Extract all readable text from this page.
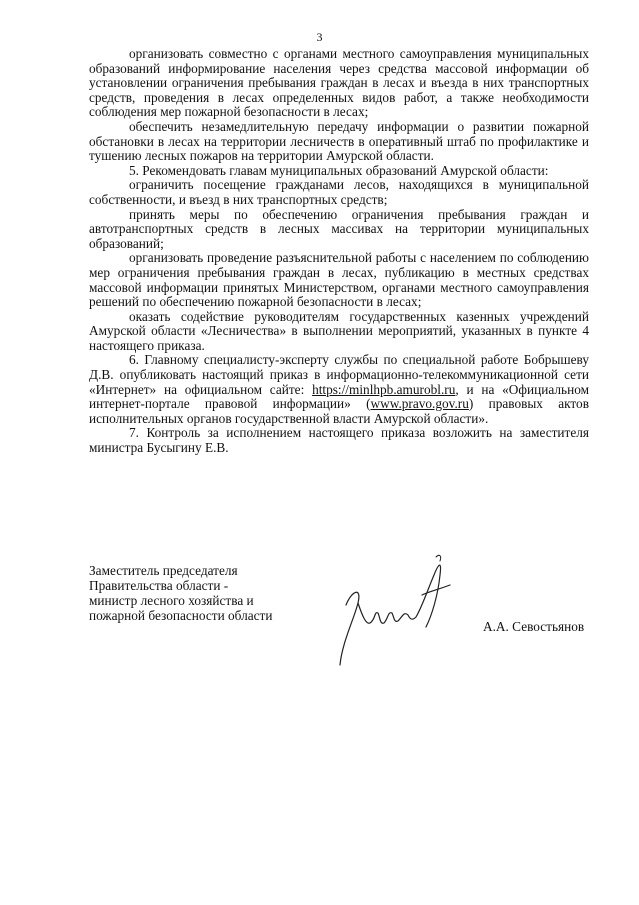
3

организовать совместно с органами местного самоуправления муниципальных образований информирование населения через средства массовой информации об установлении ограничения пребывания граждан в лесах и въезда в них транспортных средств, проведения в лесах определенных видов работ, а также необходимости соблюдения мер пожарной безопасности в лесах;

обеспечить незамедлительную передачу информации о развитии пожарной обстановки в лесах на территории лесничеств в оперативный штаб по профилактике и тушению лесных пожаров на территории Амурской области.

5. Рекомендовать главам муниципальных образований Амурской области:

ограничить посещение гражданами лесов, находящихся в муниципальной собственности, и въезд в них транспортных средств;

принять меры по обеспечению ограничения пребывания граждан и автотранспортных средств в лесных массивах на территории муниципальных образований;

организовать проведение разъяснительной работы с населением по соблюдению мер ограничения пребывания граждан в лесах, публикацию в местных средствах массовой информации принятых Министерством, органами местного самоуправления решений по обеспечению пожарной безопасности в лесах;

оказать содействие руководителям государственных казенных учреждений Амурской области «Лесничества» в выполнении мероприятий, указанных в пункте 4 настоящего приказа.

6. Главному специалисту-эксперту службы по специальной работе Бобрышеву Д.В. опубликовать настоящий приказ в информационно-телекоммуникационной сети «Интернет» на официальном сайте: https://minlhpb.amurobl.ru, и на «Официальном интернет-портале правовой информации» (www.pravo.gov.ru) правовых актов исполнительных органов государственной власти Амурской области».

7. Контроль за исполнением настоящего приказа возложить на заместителя министра Бусыгину Е.В.

Заместитель председателя
Правительства области -
министр лесного хозяйства и
пожарной безопасности области
А.А. Севостьянов
